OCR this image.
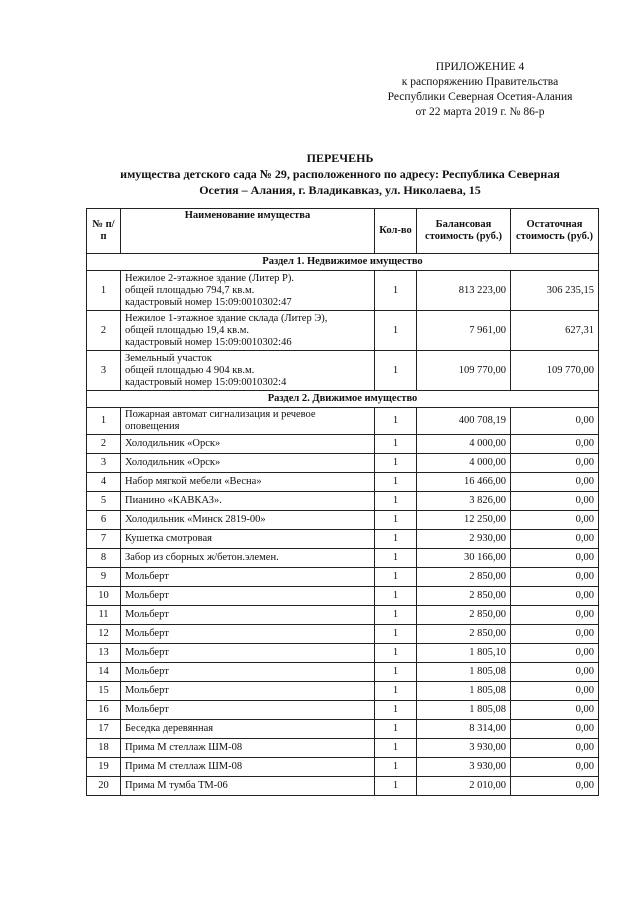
ПРИЛОЖЕНИЕ 4
к распоряжению Правительства
Республики Северная Осетия-Алания
от 22 марта 2019 г. № 86-р
ПЕРЕЧЕНЬ
имущества детского сада № 29, расположенного по адресу: Республика Северная
Осетия – Алания, г. Владикавказ, ул. Николаева, 15
№ п/п	Наименование имущества	Кол-во	Балансовая стоимость (руб.)	Остаточная стоимость (руб.)
Раздел 1. Недвижимое имущество				
1	Нежилое 2-этажное здание (Литер Р).
общей площадью 794,7 кв.м.
кадастровый номер 15:09:0010302:47	1	813 223,00	306 235,15
2	Нежилое 1-этажное здание склада (Литер Э),
общей площадью 19,4 кв.м.
кадастровый номер 15:09:0010302:46	1	7 961,00	627,31
3	Земельный участок
общей площадью 4 904 кв.м.
кадастровый номер 15:09:0010302:4	1	109 770,00	109 770,00
Раздел 2. Движимое имущество				
1	Пожарная автомат сигнализация и речевое оповещения	1	400 708,19	0,00
2	Холодильник «Орск»	1	4 000,00	0,00
3	Холодильник «Орск»	1	4 000,00	0,00
4	Набор мягкой мебели «Весна»	1	16 466,00	0,00
5	Пианино «КАВКАЗ».	1	3 826,00	0,00
6	Холодильник «Минск 2819-00»	1	12 250,00	0,00
7	Кушетка смотровая	1	2 930,00	0,00
8	Забор из сборных ж/бетон.элемен.	1	30 166,00	0,00
9	Мольберт	1	2 850,00	0,00
10	Мольберт	1	2 850,00	0,00
11	Мольберт	1	2 850,00	0,00
12	Мольберт	1	2 850,00	0,00
13	Мольберт	1	1 805,10	0,00
14	Мольберт	1	1 805,08	0,00
15	Мольберт	1	1 805,08	0,00
16	Мольберт	1	1 805,08	0,00
17	Беседка деревянная	1	8 314,00	0,00
18	Прима М стеллаж ШМ-08	1	3 930,00	0,00
19	Прима М стеллаж ШМ-08	1	3 930,00	0,00
20	Прима М тумба ТМ-06	1	2 010,00	0,00
